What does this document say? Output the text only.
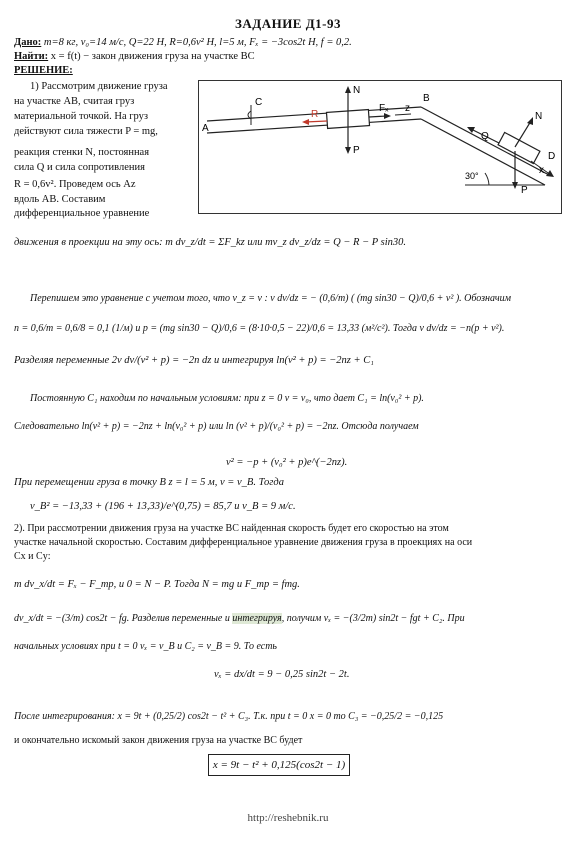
ЗАДАНИЕ Д1-93
Дано: m=8 кг, v₀=14 м/с, Q=22 Н, R=0,6v² Н, l=5 м, Fₓ = −3cos2t Н, f = 0,2.
Найти: x = f(t) − закон движения груза на участке ВС
РЕШЕНИЕ:
1) Рассмотрим движение груза
на участке АВ, считая груз
материальной точкой. На груз
действуют сила тяжести P = mg,
реакция стенки N, постоянная
сила Q и сила сопротивления
R = 0,6v². Проведем ось Az
вдоль АВ. Составим
дифференциальное уравнение
A
C	B
N
R
Fₓ
P
z
Q
N
D
P
x
30°
движения в проекции на эту ось: m dv_z/dt = ΣF_kz или mv_z dv_z/dz = Q − R − P sin30.
Перепишем это уравнение с учетом того, что v_z = v : v dv/dz = − (0,6/m) ( (mg sin30 − Q)/0,6 + v² ). Обозначим
n = 0,6/m = 0,6/8 = 0,1 (1/м) и p = (mg sin30 − Q)/0,6 = (8·10·0,5 − 22)/0,6 = 13,33 (м²/с²). Тогда v dv/dz = −n(p + v²).
Разделяя переменные 2v dv/(v² + p) = −2n dz и интегрируя ln(v² + p) = −2nz + C₁
Постоянную C₁ находим по начальным условиям: при z = 0 v = v₀, что дает C₁ = ln(v₀² + p).
Следовательно ln(v² + p) = −2nz + ln(v₀² + p) или ln (v² + p)/(v₀² + p) = −2nz. Отсюда получаем
v² = −p + (v₀² + p)e^(−2nz).
При перемещении груза в точку B z = l = 5 м, v = v_B. Тогда
v_B² = −13,33 + (196 + 13,33)/e^(0,75) = 85,7 и v_B = 9 м/с.
2). При рассмотрении движения груза на участке ВС найденная скорость будет его скоростью на этом
участке начальной скоростью. Составим дифференциальное уравнение движения груза в проекциях на оси
Cx и Cy:
m dv_x/dt = Fₓ − F_тр, и 0 = N − P. Тогда N = mg и F_тр = fmg.
dv_x/dt = −(3/m) cos2t − fg. Разделив переменные и интегрируя, получим vₓ = −(3/2m) sin2t − fgt + C₂. При
начальных условиях при t = 0 vₓ = v_B и C₂ = v_B = 9. То есть
vₓ = dx/dt = 9 − 0,25 sin2t − 2t.
После интегрирования: x = 9t + (0,25/2) cos2t − t² + C₃. Т.к. при t = 0 x = 0 то C₃ = −0,25/2 = −0,125
и окончательно искомый закон движения груза на участке ВС будет
x = 9t − t² + 0,125(cos2t − 1)
http://reshebnik.ru
